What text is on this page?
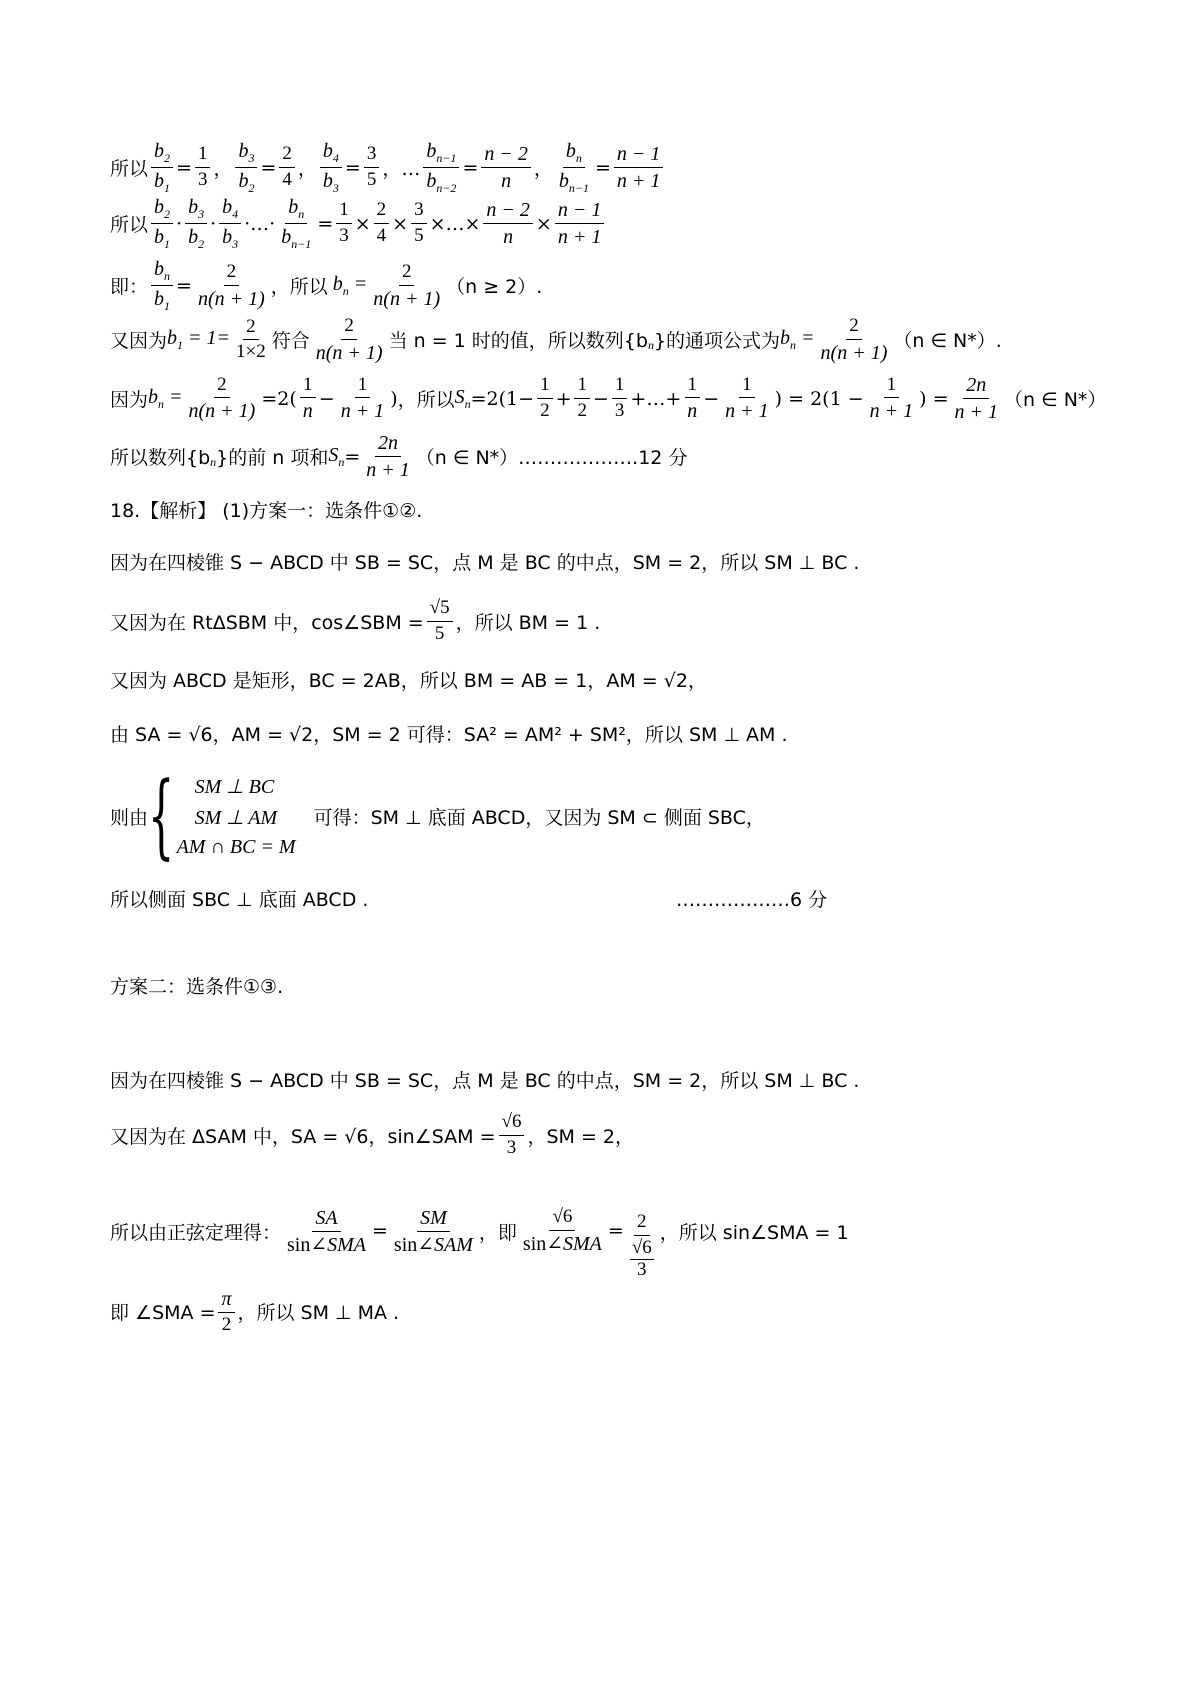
所以 $\frac{b_2}{b_1} = \frac{1}{3}$ ， $\frac{b_3}{b_2} = \frac{2}{4}$ ， $\frac{b_4}{b_3} = \frac{3}{5}$ ，… $\frac{b_{n-1}}{b_{n-2}} = \frac{n - 2}{n}$ ， $\frac{b_n}{b_{n-1}} = \frac{n - 1}{n + 1}$
所以 $\frac{b_2}{b_1} \cdot \frac{b_3}{b_2} \cdot \frac{b_4}{b_3}$ ·…· $\frac{b_n}{b_{n-1}} = \frac{1}{3} \times \frac{2}{4} \times \frac{3}{5}$ ×…× $\frac{n - 2}{n} \times \frac{n - 1}{n + 1}$
即： $\frac{b_n}{b_1} = \frac{2}{n(n + 1)}$ ，所以 $b_n = \frac{2}{n(n + 1)} (n \ge 2)$.
又因为 $b_1 = 1= \frac{2}{1\times 2}$ 符合 $\frac{2}{n(n + 1)}$ 当 n = 1 时的值，所以数列{b $_n$ }的通项公式为 $b_n = \frac{2}{n(n + 1)} (n$ ∈ N*）.
因为 $b_n = \frac{2}{n(n + 1)} =2( \frac{1}{n} - \frac{1}{n + 1}$ ) ，所以 $S_n =2(1- \frac{1}{2} + \frac{1}{2} - \frac{1}{3}$ +…+ $\frac{1}{n} - \frac{1}{n + 1}$ ) = $2(1 - \frac{1}{n + 1}$ ) = $\frac{2n}{n + 1} (n$ ∈ N*）
所以数列{b $_n$ }的前 n 项和 $S_n = \frac{2n}{n + 1} (n$ ∈ N*）……………….12 分
18.【解析】 (1)方案一：选条件①②.
因为在四棱锥 S − ABCD 中 SB = SC，点 M 是 BC 的中点，SM = 2，所以 SM ⊥ BC .
又因为在 RtΔSBM 中，cos∠SBM = $\frac{√5}{5}$ ，所以 BM = 1 .
又因为 ABCD 是矩形，BC = 2AB，所以 BM = AB = 1，AM = √2，
由 SA = √6，AM = √2，SM = 2 可得：SA² = AM² + SM²，所以 SM ⊥ AM .
则由 {	SM ⊥ BC
SM ⊥ AM
AM ∩ BC = M
可得：SM ⊥ 底面 ABCD，又因为 SM ⊂ 侧面 SBC，
所以侧面 SBC ⊥ 底面 ABCD .	………………6 分
方案二：选条件①③.
因为在四棱锥 S − ABCD 中 SB = SC，点 M 是 BC 的中点，SM = 2，所以 SM ⊥ BC .
又因为在 ΔSAM 中，SA = √6，sin∠SAM = $\frac{√6}{3}$ ，SM = 2，
所以由正弦定理得： $\frac{SA}{\text{sin∠SMA}} = \frac{SM}{\text{sin∠SAM}}$ ，即 $\frac{√6}{\text{sin∠SMA}} = \frac{2}{\frac{√6}{3}}$ ，所以 sin∠SMA = 1
即 ∠SMA = $\frac{\pi}{2}$ ，所以 SM ⊥ MA .
